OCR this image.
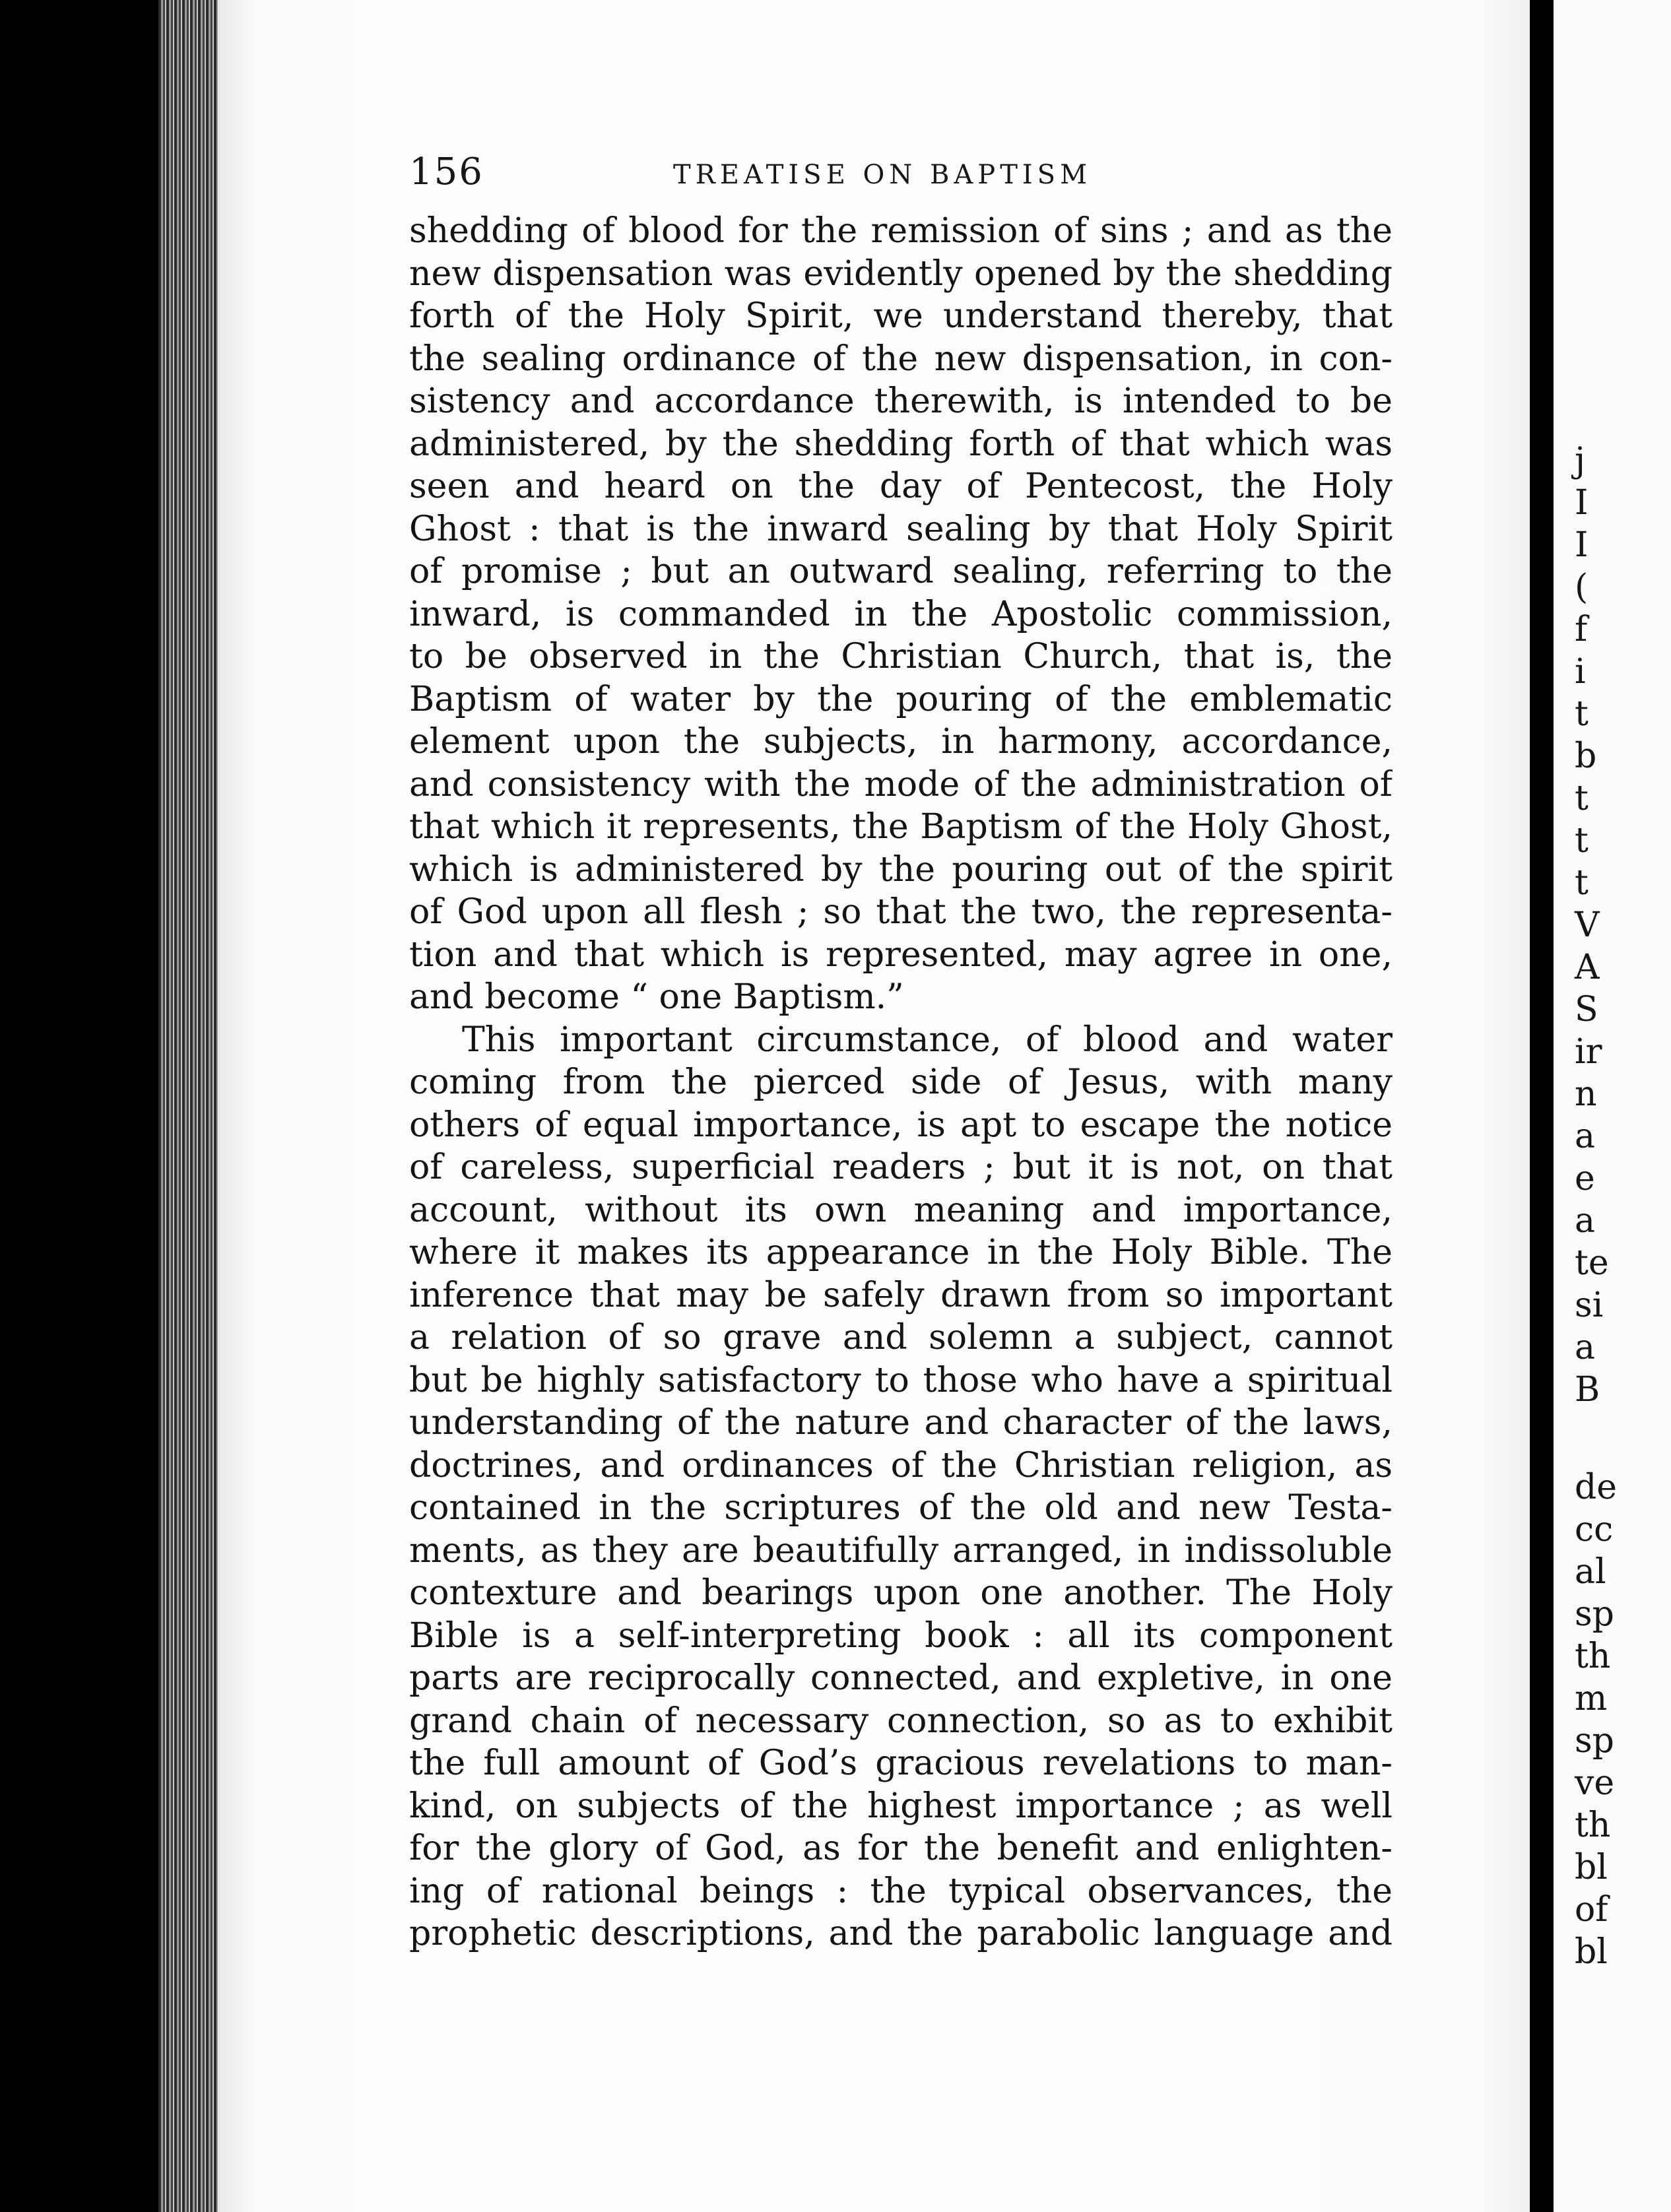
156	TREATISE ON BAPTISM
shedding of blood for the remission of sins ; and as the
new dispensation was evidently opened by the shedding
forth of the Holy Spirit, we understand thereby, that
the sealing ordinance of the new dispensation, in con-
sistency and accordance therewith, is intended to be
administered, by the shedding forth of that which was
seen and heard on the day of Pentecost, the Holy
Ghost : that is the inward sealing by that Holy Spirit
of promise ; but an outward sealing, referring to the
inward, is commanded in the Apostolic commission,
to be observed in the Christian Church, that is, the
Baptism of water by the pouring of the emblematic
element upon the subjects, in harmony, accordance,
and consistency with the mode of the administration of
that which it represents, the Baptism of the Holy Ghost,
which is administered by the pouring out of the spirit
of God upon all flesh ; so that the two, the representa-
tion and that which is represented, may agree in one,
and become “ one Baptism.”
This important circumstance, of blood and water
coming from the pierced side of Jesus, with many
others of equal importance, is apt to escape the notice
of careless, superficial readers ; but it is not, on that
account, without its own meaning and importance,
where it makes its appearance in the Holy Bible. The
inference that may be safely drawn from so important
a relation of so grave and solemn a subject, cannot
but be highly satisfactory to those who have a spiritual
understanding of the nature and character of the laws,
doctrines, and ordinances of the Christian religion, as
contained in the scriptures of the old and new Testa-
ments, as they are beautifully arranged, in indissoluble
contexture and bearings upon one another. The Holy
Bible is a self-interpreting book : all its component
parts are reciprocally connected, and expletive, in one
grand chain of necessary connection, so as to exhibit
the full amount of God’s gracious revelations to man-
kind, on subjects of the highest importance ; as well
for the glory of God, as for the benefit and enlighten-
ing of rational beings : the typical observances, the
prophetic descriptions, and the parabolic language and
j
I
I
(
f
i
t
b
t
t
t
V
A
S
ir
n
a
e
a
te
si
a
B
de
cc
al
sp
th
m
sp
ve
th
bl
of
bl
